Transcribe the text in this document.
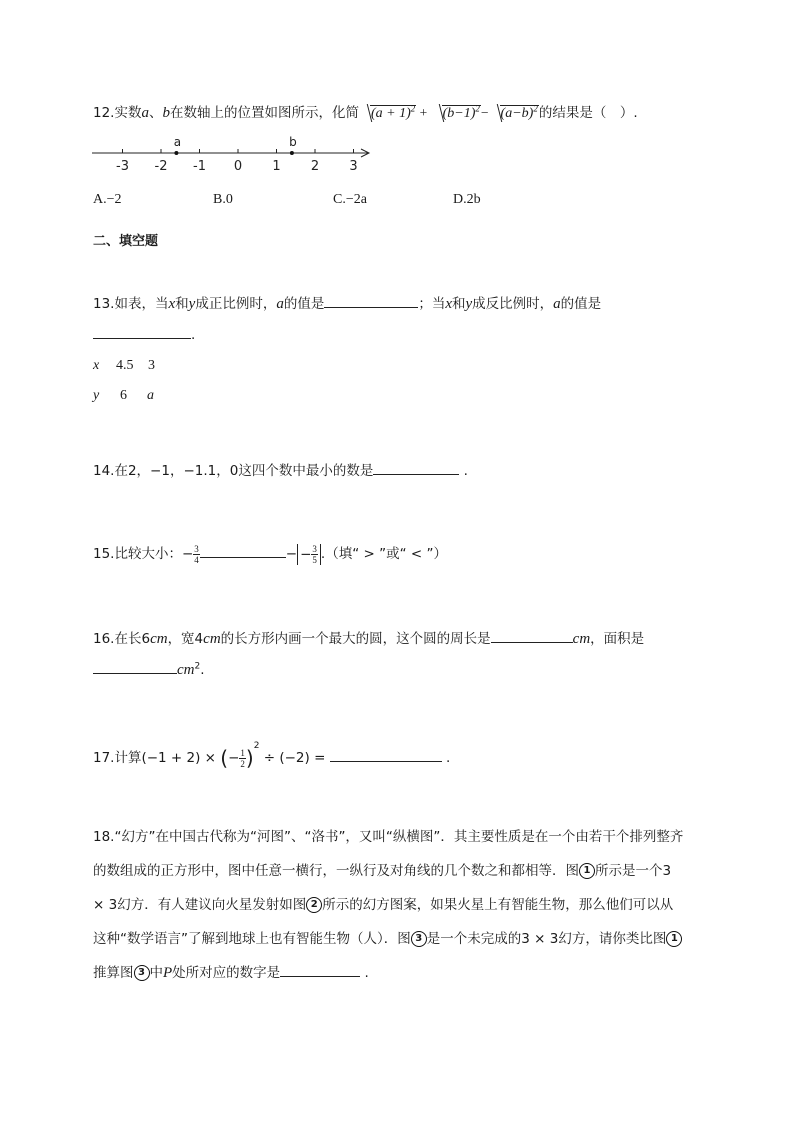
12.实数a、b在数轴上的位置如图所示，化简 $(a + 1)^2 + (b-1)^2- (a-b)^2$的结果是（　）.
-3 -2 -1 0 1 2 3
a	b
A.−2	B.0	C.−2a	D.2b
二、填空题
13.如表，当x和y成正比例时，a的值是	；当x和y成反比例时，a的值是
.
x 4.5 3
y 6 a
14.在2，−1，−1.1，0这四个数中最小的数是	.
15.比较大小：− $\frac{3}{4}$	− − $\frac{3}{5}$ .（填“ > ”或“ < ”）
16.在长6cm，宽4cm的长方形内画一个最大的圆，这个圆的周长是	cm，面积是
$cm^2$.
17.计算(−1 + 2) × (− $\frac{1}{2} )^2 \div (-2)$ =	.
18.“幻方”在中国古代称为“河图”、“洛书”，又叫“纵横图”．其主要性质是在一个由若干个排列整齐
的数组成的正方形中，图中任意一横行，一纵行及对角线的几个数之和都相等．图 1 所示是一个3
× 3幻方．有人建议向火星发射如图 2 所示的幻方图案，如果火星上有智能生物，那么他们可以从
这种“数学语言”了解到地球上也有智能生物（人）．图 3 是一个未完成的3 × 3幻方，请你类比图 1
推算图 3 中P处所对应的数字是	.
